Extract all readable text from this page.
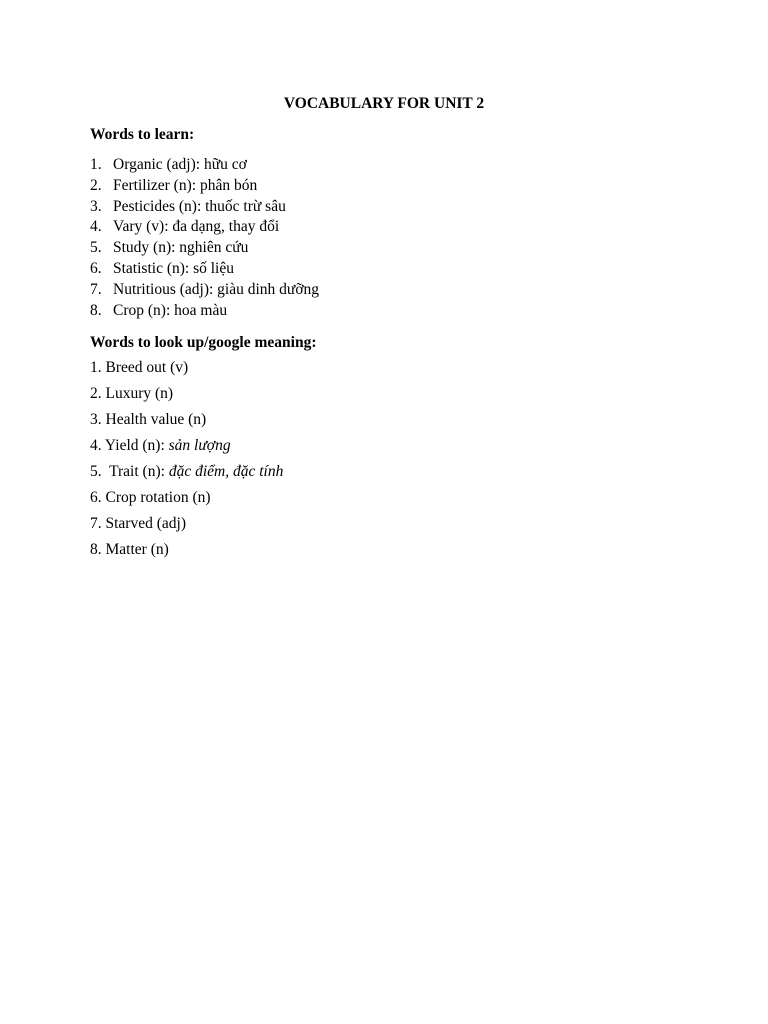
VOCABULARY FOR UNIT 2
Words to learn:
1. Organic (adj): hữu cơ
2. Fertilizer (n): phân bón
3. Pesticides (n): thuốc trừ sâu
4. Vary (v): đa dạng, thay đổi
5. Study (n): nghiên cứu
6. Statistic (n): số liệu
7. Nutritious (adj): giàu dinh dưỡng
8. Crop (n): hoa màu
Words to look up/google meaning:
1. Breed out (v)
2. Luxury (n)
3. Health value (n)
4. Yield (n): sản lượng
5.  Trait (n): đặc điểm, đặc tính
6. Crop rotation (n)
7. Starved (adj)
8. Matter (n)
